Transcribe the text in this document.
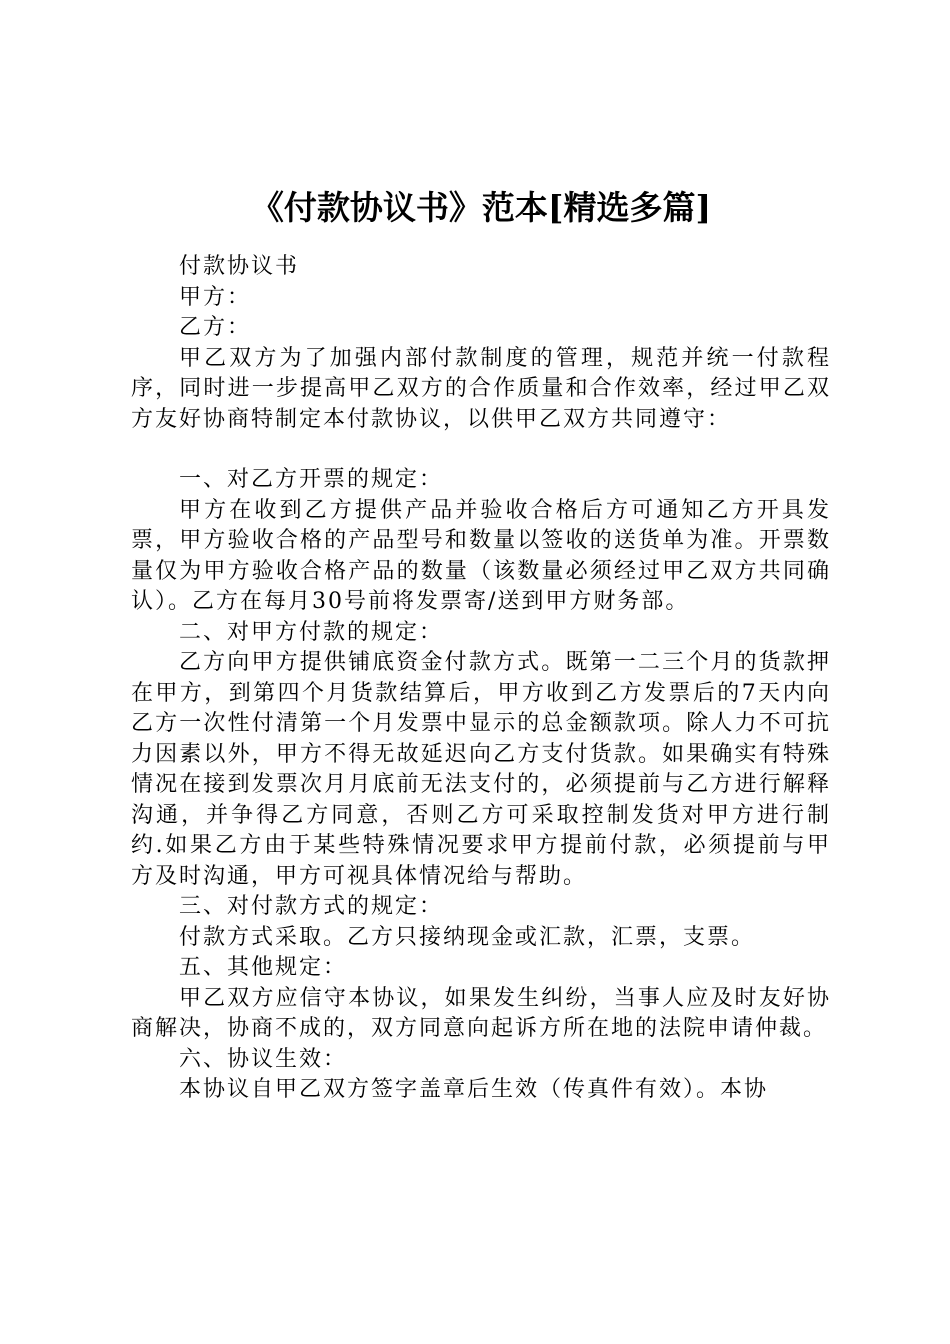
《付款协议书》范本[精选多篇]

付款协议书

甲方：

乙方：

甲乙双方为了加强内部付款制度的管理，规范并统一付款程序，同时进一步提高甲乙双方的合作质量和合作效率，经过甲乙双方友好协商特制定本付款协议，以供甲乙双方共同遵守：

一、对乙方开票的规定：

甲方在收到乙方提供产品并验收合格后方可通知乙方开具发票，甲方验收合格的产品型号和数量以签收的送货单为准。开票数量仅为甲方验收合格产品的数量（该数量必须经过甲乙双方共同确认）。乙方在每月30号前将发票寄/送到甲方财务部。

二、对甲方付款的规定：

乙方向甲方提供铺底资金付款方式。既第一二三个月的货款押在甲方，到第四个月货款结算后，甲方收到乙方发票后的7天内向乙方一次性付清第一个月发票中显示的总金额款项。除人力不可抗力因素以外，甲方不得无故延迟向乙方支付货款。如果确实有特殊情况在接到发票次月月底前无法支付的，必须提前与乙方进行解释沟通，并争得乙方同意，否则乙方可采取控制发货对甲方进行制约.如果乙方由于某些特殊情况要求甲方提前付款，必须提前与甲方及时沟通，甲方可视具体情况给与帮助。

三、对付款方式的规定：

付款方式采取。乙方只接纳现金或汇款，汇票，支票。

五、其他规定：

甲乙双方应信守本协议，如果发生纠纷，当事人应及时友好协商解决，协商不成的，双方同意向起诉方所在地的法院申请仲裁。

六、协议生效：

本协议自甲乙双方签字盖章后生效（传真件有效）。本协
